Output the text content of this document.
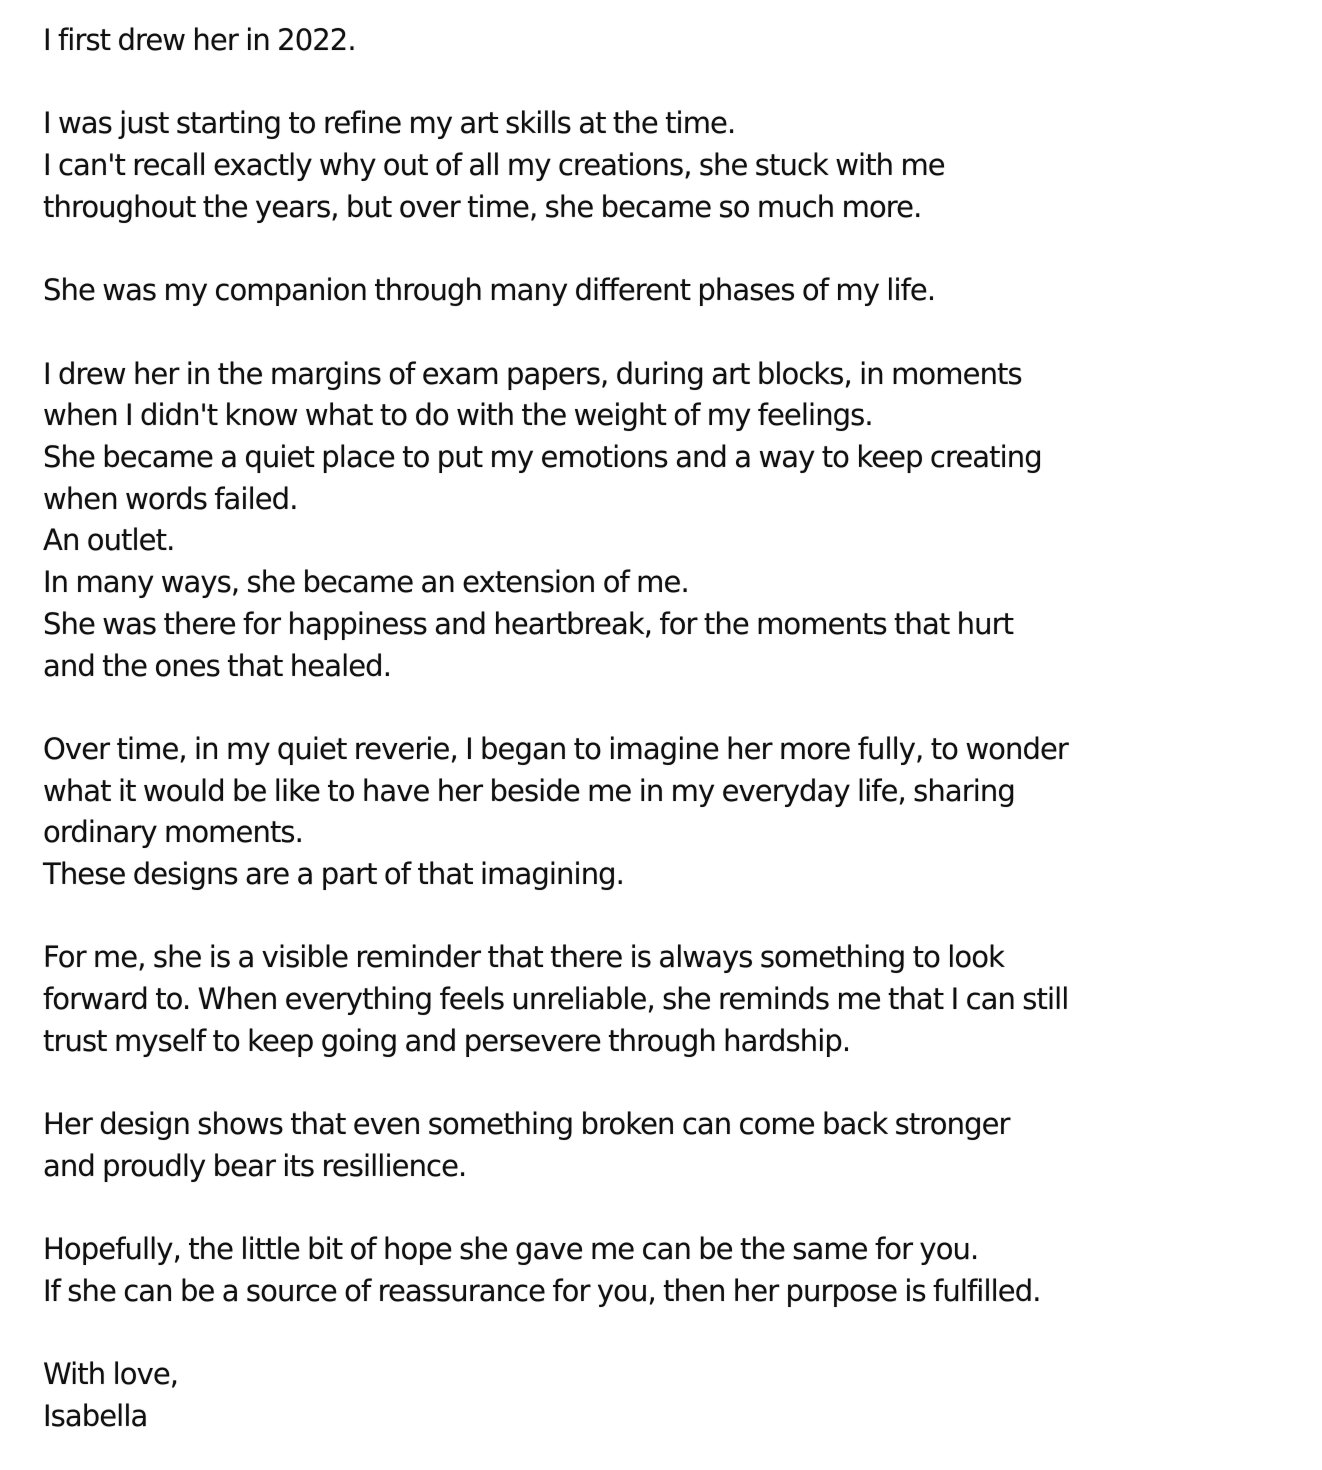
I first drew her in 2022.

I was just starting to refine my art skills at the time.
I can't recall exactly why out of all my creations, she stuck with me
throughout the years, but over time, she became so much more.

She was my companion through many different phases of my life.

I drew her in the margins of exam papers, during art blocks, in moments
when I didn't know what to do with the weight of my feelings.
She became a quiet place to put my emotions and a way to keep creating
when words failed.
An outlet.
In many ways, she became an extension of me.
She was there for happiness and heartbreak, for the moments that hurt
and the ones that healed.

Over time, in my quiet reverie, I began to imagine her more fully, to wonder
what it would be like to have her beside me in my everyday life, sharing
ordinary moments.
These designs are a part of that imagining.

For me, she is a visible reminder that there is always something to look
forward to. When everything feels unreliable, she reminds me that I can still
trust myself to keep going and persevere through hardship.

Her design shows that even something broken can come back stronger
and proudly bear its resillience.

Hopefully, the little bit of hope she gave me can be the same for you.
If she can be a source of reassurance for you, then her purpose is fulfilled.

With love,
Isabella
